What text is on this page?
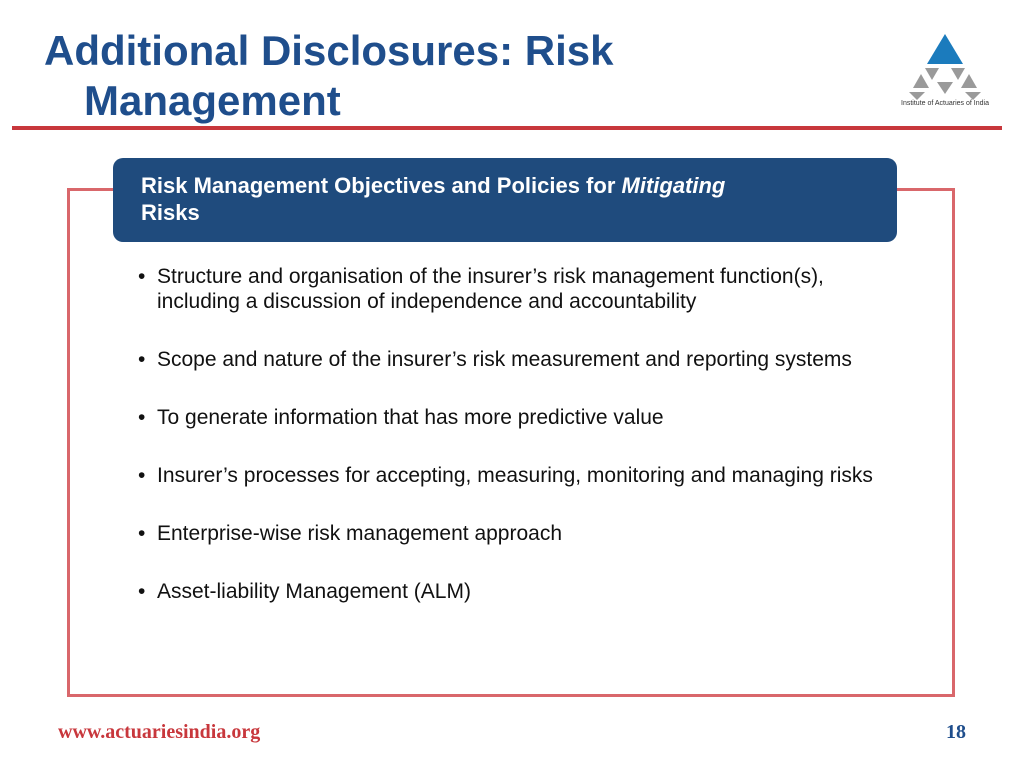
Additional Disclosures: Risk
Management	Institute of Actuaries of India
Risk Management Objectives and Policies for Mitigating
Risks
• Structure and organisation of the insurer’s risk management function(s), including a discussion of independence and accountability
• Scope and nature of the insurer’s risk measurement and reporting systems
• To generate information that has more predictive value
• Insurer’s processes for accepting, measuring, monitoring and managing risks
• Enterprise-wise risk management approach
• Asset-liability Management (ALM)
www.actuariesindia.org	18
